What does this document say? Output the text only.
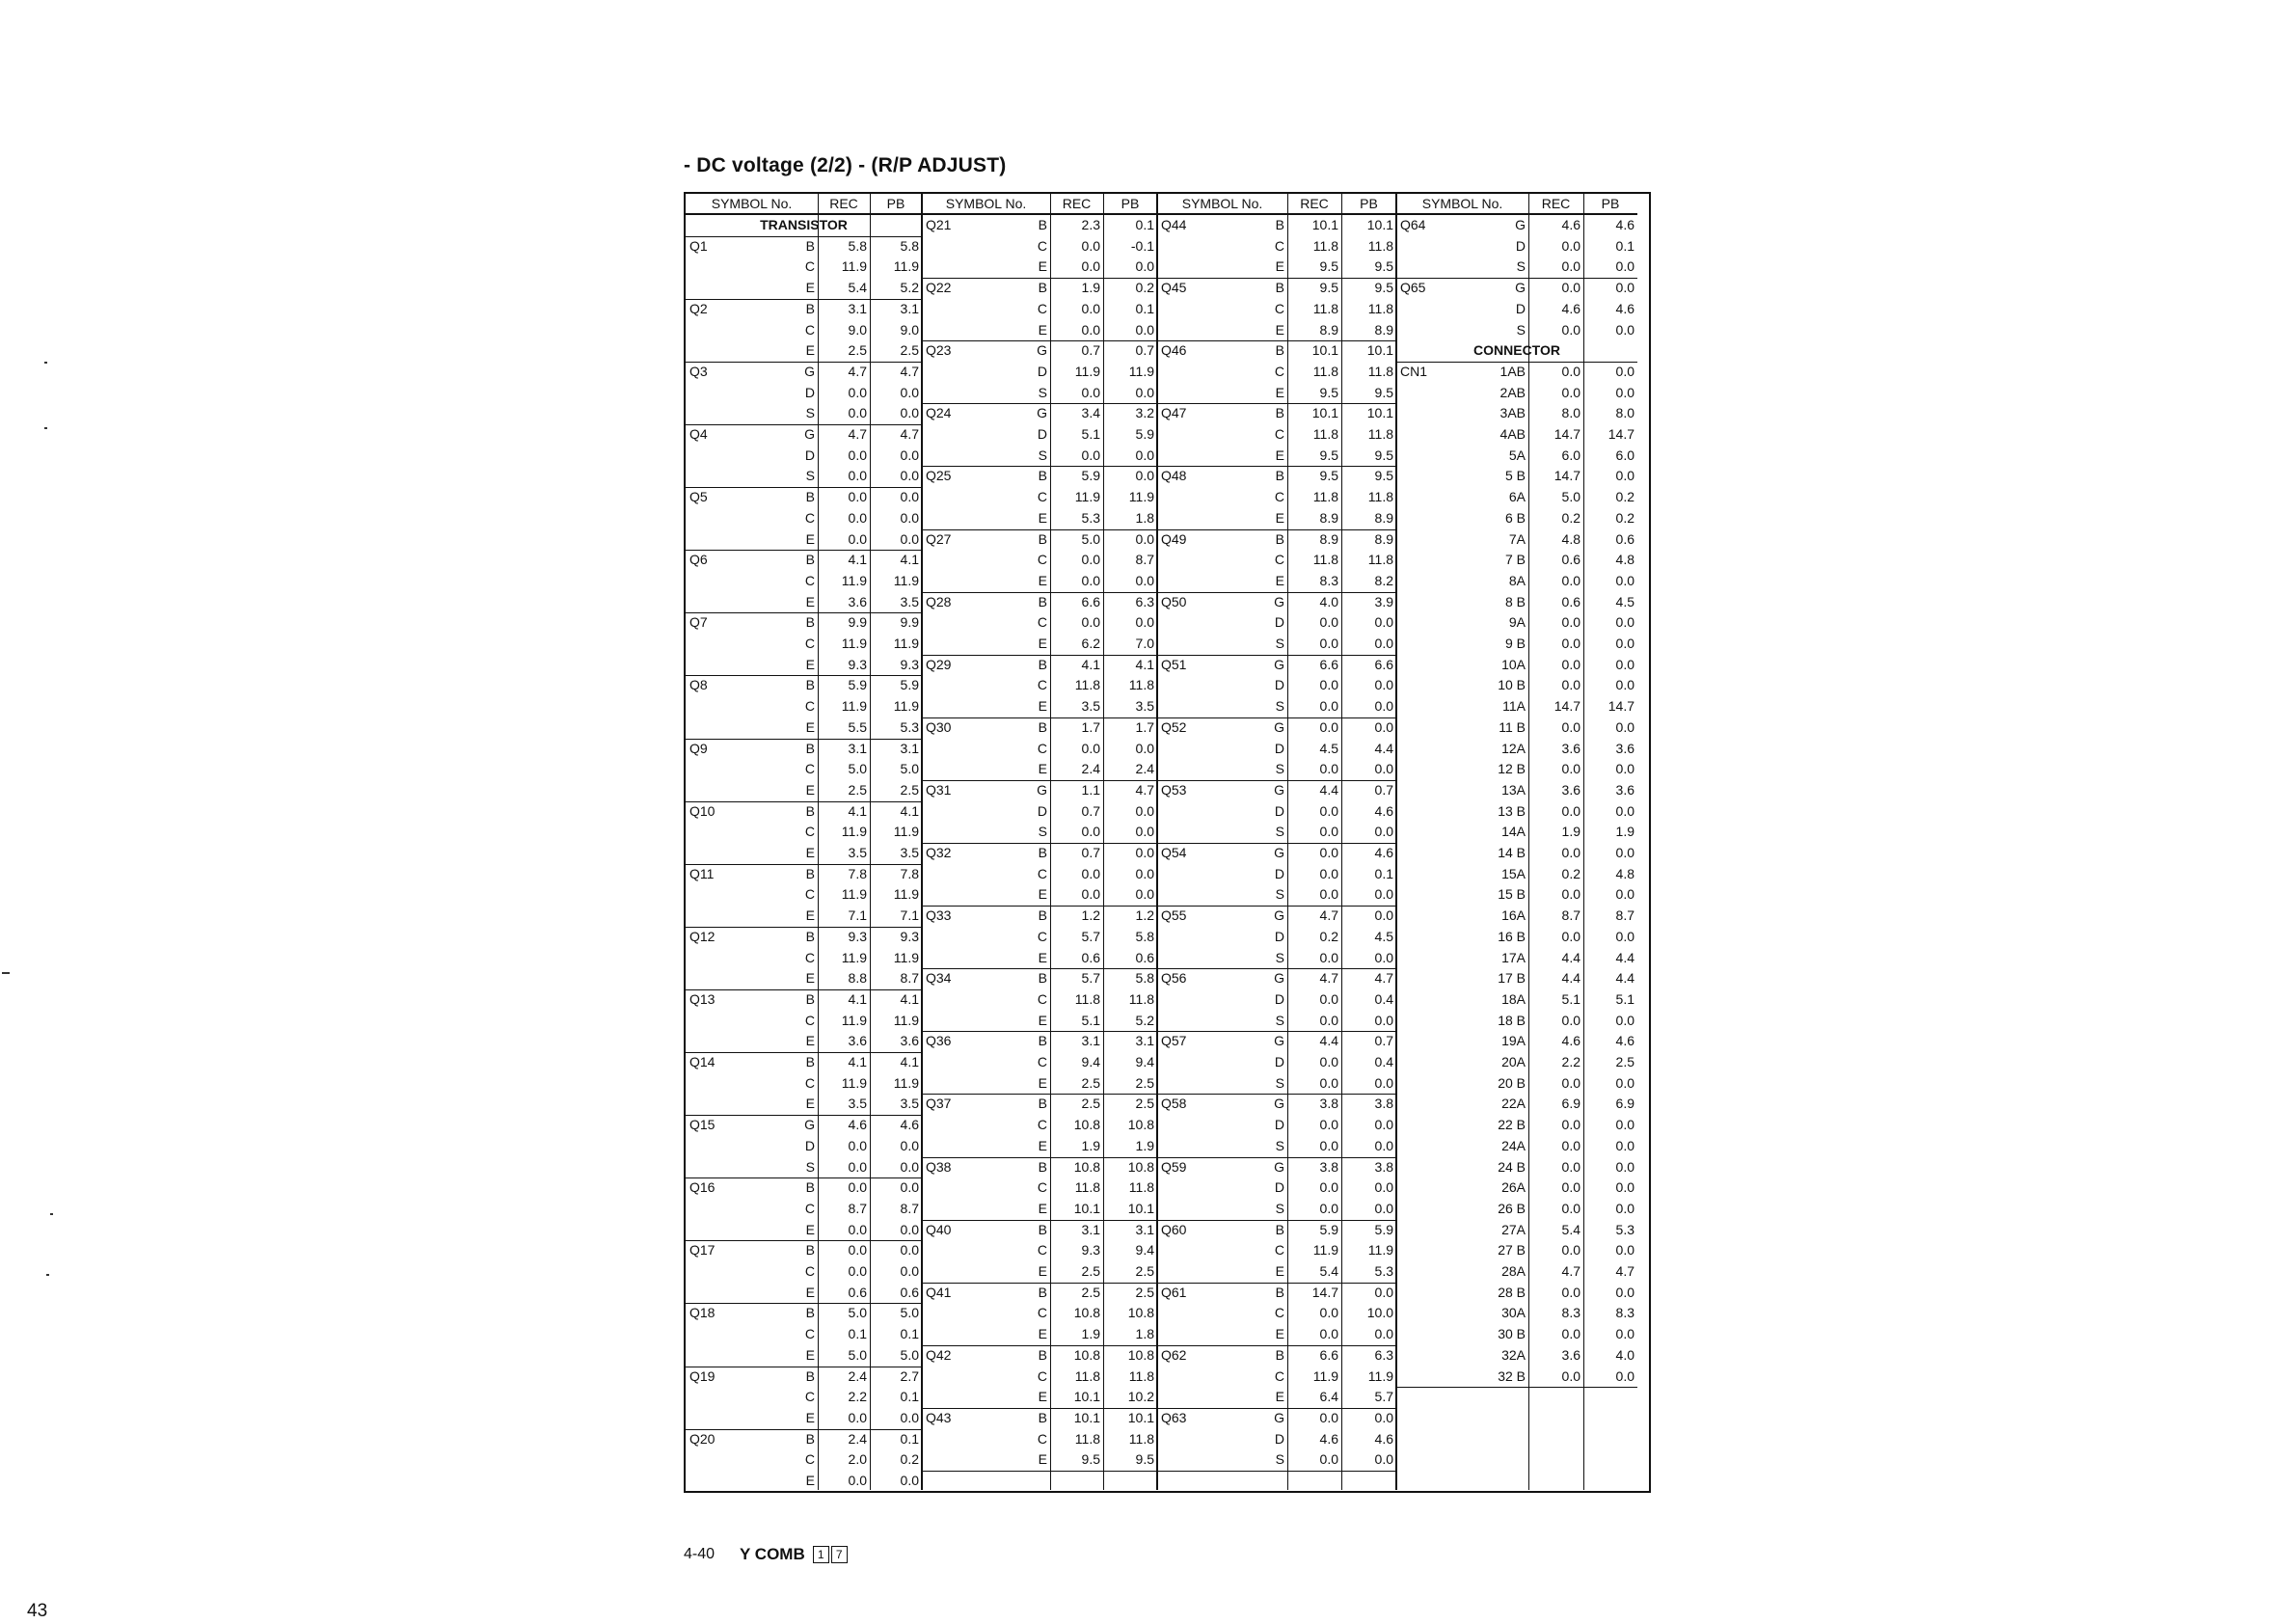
- DC voltage (2/2) - (R/P ADJUST)
SYMBOL No.	REC	PB
TRANSISTOR
Q1	B	5.8	5.8
C	11.9	11.9
E	5.4	5.2
Q2	B	3.1	3.1
C	9.0	9.0
E	2.5	2.5
Q3	G	4.7	4.7
D	0.0	0.0
S	0.0	0.0
Q4	G	4.7	4.7
D	0.0	0.0
S	0.0	0.0
Q5	B	0.0	0.0
C	0.0	0.0
E	0.0	0.0
Q6	B	4.1	4.1
C	11.9	11.9
E	3.6	3.5
Q7	B	9.9	9.9
C	11.9	11.9
E	9.3	9.3
Q8	B	5.9	5.9
C	11.9	11.9
E	5.5	5.3
Q9	B	3.1	3.1
C	5.0	5.0
E	2.5	2.5
Q10	B	4.1	4.1
C	11.9	11.9
E	3.5	3.5
Q11	B	7.8	7.8
C	11.9	11.9
E	7.1	7.1
Q12	B	9.3	9.3
C	11.9	11.9
E	8.8	8.7
Q13	B	4.1	4.1
C	11.9	11.9
E	3.6	3.6
Q14	B	4.1	4.1
C	11.9	11.9
E	3.5	3.5
Q15	G	4.6	4.6
D	0.0	0.0
S	0.0	0.0
Q16	B	0.0	0.0
C	8.7	8.7
E	0.0	0.0
Q17	B	0.0	0.0
C	0.0	0.0
E	0.6	0.6
Q18	B	5.0	5.0
C	0.1	0.1
E	5.0	5.0
Q19	B	2.4	2.7
C	2.2	0.1
E	0.0	0.0
Q20	B	2.4	0.1
C	2.0	0.2
E	0.0	0.0
SYMBOL No.	REC	PB
Q21	B	2.3	0.1
C	0.0	-0.1
E	0.0	0.0
Q22	B	1.9	0.2
C	0.0	0.1
E	0.0	0.0
Q23	G	0.7	0.7
D	11.9	11.9
S	0.0	0.0
Q24	G	3.4	3.2
D	5.1	5.9
S	0.0	0.0
Q25	B	5.9	0.0
C	11.9	11.9
E	5.3	1.8
Q27	B	5.0	0.0
C	0.0	8.7
E	0.0	0.0
Q28	B	6.6	6.3
C	0.0	0.0
E	6.2	7.0
Q29	B	4.1	4.1
C	11.8	11.8
E	3.5	3.5
Q30	B	1.7	1.7
C	0.0	0.0
E	2.4	2.4
Q31	G	1.1	4.7
D	0.7	0.0
S	0.0	0.0
Q32	B	0.7	0.0
C	0.0	0.0
E	0.0	0.0
Q33	B	1.2	1.2
C	5.7	5.8
E	0.6	0.6
Q34	B	5.7	5.8
C	11.8	11.8
E	5.1	5.2
Q36	B	3.1	3.1
C	9.4	9.4
E	2.5	2.5
Q37	B	2.5	2.5
C	10.8	10.8
E	1.9	1.9
Q38	B	10.8	10.8
C	11.8	11.8
E	10.1	10.1
Q40	B	3.1	3.1
C	9.3	9.4
E	2.5	2.5
Q41	B	2.5	2.5
C	10.8	10.8
E	1.9	1.8
Q42	B	10.8	10.8
C	11.8	11.8
E	10.1	10.2
Q43	B	10.1	10.1
C	11.8	11.8
E	9.5	9.5
SYMBOL No.	REC	PB
Q44	B	10.1	10.1
C	11.8	11.8
E	9.5	9.5
Q45	B	9.5	9.5
C	11.8	11.8
E	8.9	8.9
Q46	B	10.1	10.1
C	11.8	11.8
E	9.5	9.5
Q47	B	10.1	10.1
C	11.8	11.8
E	9.5	9.5
Q48	B	9.5	9.5
C	11.8	11.8
E	8.9	8.9
Q49	B	8.9	8.9
C	11.8	11.8
E	8.3	8.2
Q50	G	4.0	3.9
D	0.0	0.0
S	0.0	0.0
Q51	G	6.6	6.6
D	0.0	0.0
S	0.0	0.0
Q52	G	0.0	0.0
D	4.5	4.4
S	0.0	0.0
Q53	G	4.4	0.7
D	0.0	4.6
S	0.0	0.0
Q54	G	0.0	4.6
D	0.0	0.1
S	0.0	0.0
Q55	G	4.7	0.0
D	0.2	4.5
S	0.0	0.0
Q56	G	4.7	4.7
D	0.0	0.4
S	0.0	0.0
Q57	G	4.4	0.7
D	0.0	0.4
S	0.0	0.0
Q58	G	3.8	3.8
D	0.0	0.0
S	0.0	0.0
Q59	G	3.8	3.8
D	0.0	0.0
S	0.0	0.0
Q60	B	5.9	5.9
C	11.9	11.9
E	5.4	5.3
Q61	B	14.7	0.0
C	0.0	10.0
E	0.0	0.0
Q62	B	6.6	6.3
C	11.9	11.9
E	6.4	5.7
Q63	G	0.0	0.0
D	4.6	4.6
S	0.0	0.0
SYMBOL No.	REC	PB
Q64	G	4.6	4.6
D	0.0	0.1
S	0.0	0.0
Q65	G	0.0	0.0
D	4.6	4.6
S	0.0	0.0
CONNECTOR
CN1	1AB	0.0	0.0
2AB	0.0	0.0
3AB	8.0	8.0
4AB	14.7	14.7
5A	6.0	6.0
5 B	14.7	0.0
6A	5.0	0.2
6 B	0.2	0.2
7A	4.8	0.6
7 B	0.6	4.8
8A	0.0	0.0
8 B	0.6	4.5
9A	0.0	0.0
9 B	0.0	0.0
10A	0.0	0.0
10 B	0.0	0.0
11A	14.7	14.7
11 B	0.0	0.0
12A	3.6	3.6
12 B	0.0	0.0
13A	3.6	3.6
13 B	0.0	0.0
14A	1.9	1.9
14 B	0.0	0.0
15A	0.2	4.8
15 B	0.0	0.0
16A	8.7	8.7
16 B	0.0	0.0
17A	4.4	4.4
17 B	4.4	4.4
18A	5.1	5.1
18 B	0.0	0.0
19A	4.6	4.6
20A	2.2	2.5
20 B	0.0	0.0
22A	6.9	6.9
22 B	0.0	0.0
24A	0.0	0.0
24 B	0.0	0.0
26A	0.0	0.0
26 B	0.0	0.0
27A	5.4	5.3
27 B	0.0	0.0
28A	4.7	4.7
28 B	0.0	0.0
30A	8.3	8.3
30 B	0.0	0.0
32A	3.6	4.0
32 B	0.0	0.0
4-40 Y COMB	1	7
43
